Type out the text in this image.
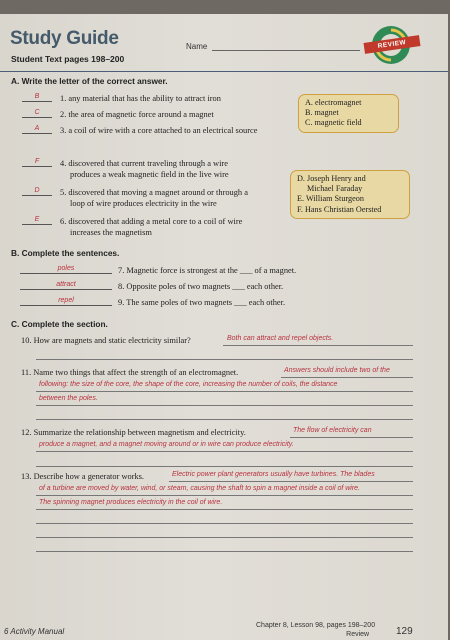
Study Guide
Student Text pages 198–200
Name	REVIEW
A. Write the letter of the correct answer.
B	1. any material that has the ability to attract iron
C	2. the area of magnetic force around a magnet
A	3. a coil of wire with a core attached to an electrical source
A. electromagnet
B. magnet
C. magnetic field
F	4. discovered that current traveling through a wire
produces a weak magnetic field in the live wire
D	5. discovered that moving a magnet around or through a
loop of wire produces electricity in the wire
E	6. discovered that adding a metal core to a coil of wire
increases the magnetism
D. Joseph Henry and
Michael Faraday
E. William Sturgeon
F. Hans Christian Oersted
B. Complete the sentences.
poles	7. Magnetic force is strongest at the ___ of a magnet.
attract	8. Opposite poles of two magnets ___ each other.
repel	9. The same poles of two magnets ___ each other.
C. Complete the section.
10. How are magnets and static electricity similar?	Both can attract and repel objects.
11. Name two things that affect the strength of an electromagnet.	Answers should include two of the
following: the size of the core, the shape of the core, increasing the number of coils, the distance
between the poles.
12. Summarize the relationship between magnetism and electricity.	The flow of electricity can
produce a magnet, and a magnet moving around or in wire can produce electricity.
13. Describe how a generator works.	Electric power plant generators usually have turbines. The blades
of a turbine are moved by water, wind, or steam, causing the shaft to spin a magnet inside a coil of wire.
The spinning magnet produces electricity in the coil of wire.
6 Activity Manual
Chapter 8, Lesson 98, pages 198–200
Review	129
